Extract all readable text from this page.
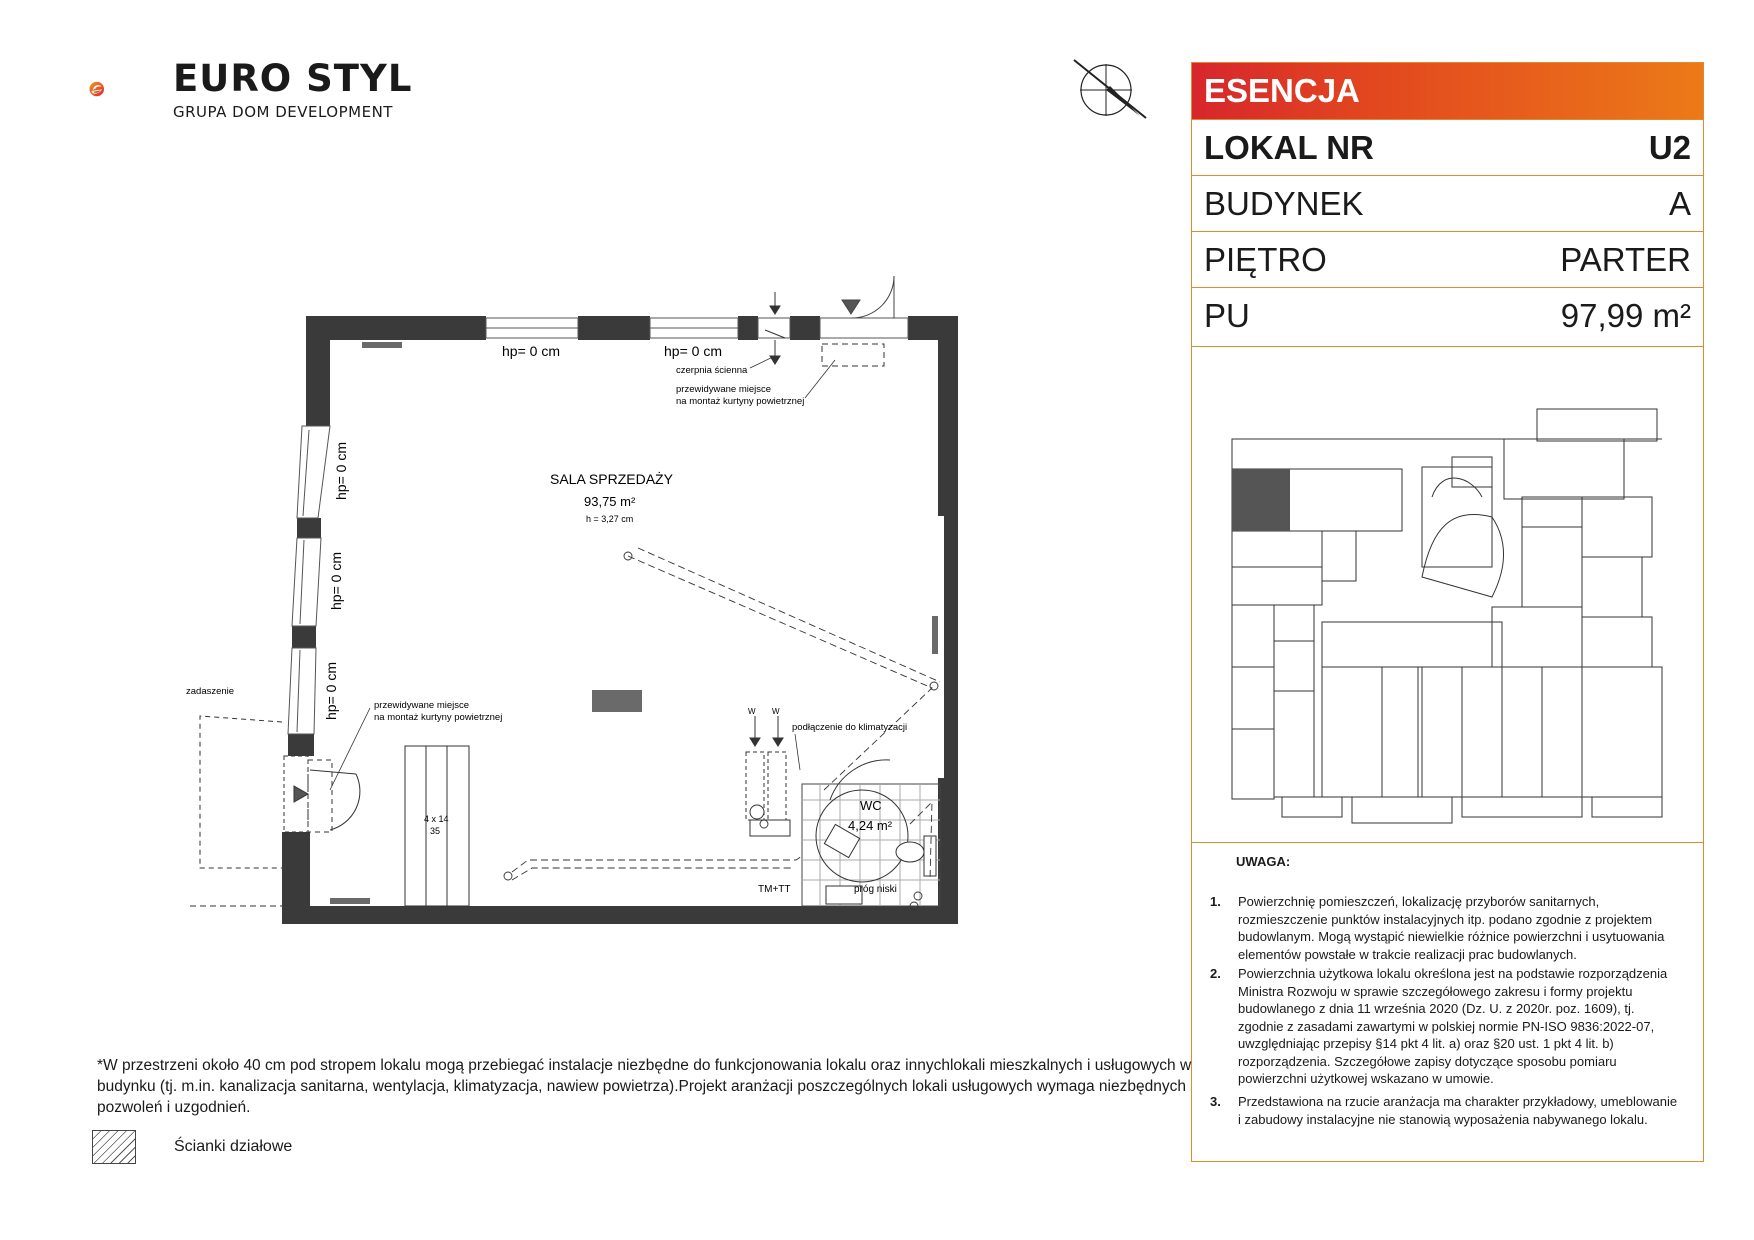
EURO STYL
GRUPA DOM DEVELOPMENT
hp= 0 cm	hp= 0 cm
hp= 0 cm
hp= 0 cm
hp= 0 cm
SALA SPRZEDAŻY
93,75 m²
h = 3,27 cm
WC
4,24 m²
czerpnia ścienna
przewidywane miejsce
na montaż kurtyny powietrznej
przewidywane miejsce
na montaż kurtyny powietrznej
zadaszenie
podłączenie do klimatyzacji
4 x 14
35
TM+TT	próg niski
W W
ESENCJA
LOKAL NR	U2
BUDYNEK	A
PIĘTRO	PARTER
PU	97,99 m²
UWAGA:
1. Powierzchnię pomieszczeń, lokalizację przyborów sanitarnych, rozmieszczenie punktów instalacyjnych itp. podano zgodnie z projektem budowlanym. Mogą wystąpić niewielkie różnice powierzchni i usytuowania elementów powstałe w trakcie realizacji prac budowlanych.
2. Powierzchnia użytkowa lokalu określona jest na podstawie rozporządzenia Ministra Rozwoju w sprawie szczegółowego zakresu i formy projektu budowlanego z dnia 11 września 2020 (Dz. U. z 2020r. poz. 1609), tj. zgodnie z zasadami zawartymi w polskiej normie PN-ISO 9836:2022-07, uwzględniając przepisy §14 pkt 4 lit. a) oraz §20 ust. 1 pkt 4 lit. b) rozporządzenia. Szczegółowe zapisy dotyczące sposobu pomiaru powierzchni użytkowej wskazano w umowie.
3. Przedstawiona na rzucie aranżacja ma charakter przykładowy, umeblowanie i zabudowy instalacyjne nie stanowią wyposażenia nabywanego lokalu.
*W przestrzeni około 40 cm pod stropem lokalu mogą przebiegać instalacje niezbędne do funkcjonowania lokalu oraz innychlokali mieszkalnych i usługowych w budynku (tj. m.in. kanalizacja sanitarna, wentylacja, klimatyzacja, nawiew powietrza).Projekt aranżacji poszczególnych lokali usługowych wymaga niezbędnych pozwoleń i uzgodnień.
Ścianki działowe
